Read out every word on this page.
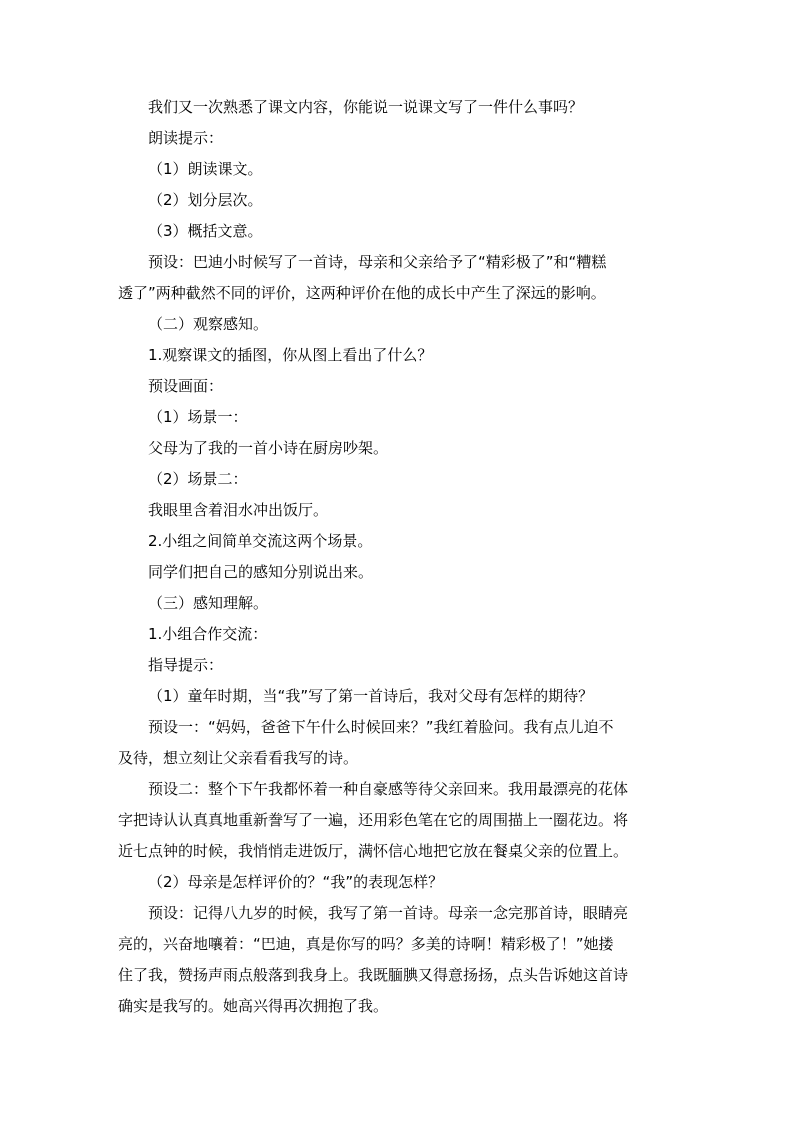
我们又一次熟悉了课文内容，你能说一说课文写了一件什么事吗？

朗读提示：

（1）朗读课文。

（2）划分层次。

（3）概括文意。

预设：巴迪小时候写了一首诗，母亲和父亲给予了“精彩极了”和“糟糕

透了”两种截然不同的评价，这两种评价在他的成长中产生了深远的影响。

（二）观察感知。

1.观察课文的插图，你从图上看出了什么？

预设画面：

（1）场景一：

父母为了我的一首小诗在厨房吵架。

（2）场景二：

我眼里含着泪水冲出饭厅。

2.小组之间简单交流这两个场景。

同学们把自己的感知分别说出来。

（三）感知理解。

1.小组合作交流：

指导提示：

（1）童年时期，当“我”写了第一首诗后，我对父母有怎样的期待？

预设一：“妈妈，爸爸下午什么时候回来？”我红着脸问。我有点儿迫不

及待，想立刻让父亲看看我写的诗。

预设二：整个下午我都怀着一种自豪感等待父亲回来。我用最漂亮的花体

字把诗认认真真地重新誊写了一遍，还用彩色笔在它的周围描上一圈花边。将

近七点钟的时候，我悄悄走进饭厅，满怀信心地把它放在餐桌父亲的位置上。

（2）母亲是怎样评价的？“我”的表现怎样？

预设：记得八九岁的时候，我写了第一首诗。母亲一念完那首诗，眼睛亮

亮的，兴奋地嚷着：“巴迪，真是你写的吗？多美的诗啊！精彩极了！”她搂

住了我，赞扬声雨点般落到我身上。我既腼腆又得意扬扬，点头告诉她这首诗

确实是我写的。她高兴得再次拥抱了我。
